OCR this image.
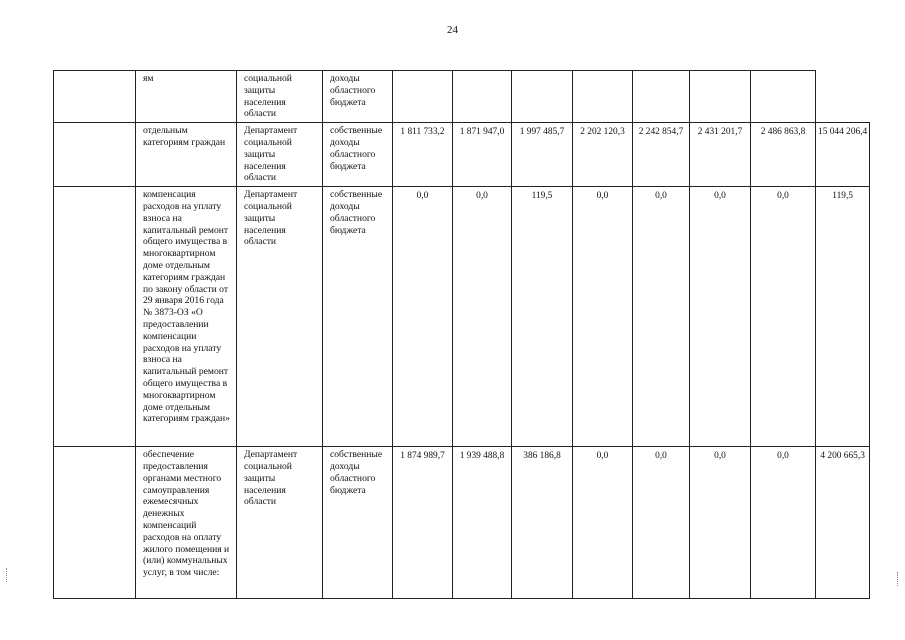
24
	ям	социальной защиты населения области	доходы областного бюджета								
	отдельным категориям граждан	Департамент социальной защиты населения области	собственные доходы областного бюджета	1 811 733,2	1 871 947,0	1 997 485,7	2 202 120,3	2 242 854,7	2 431 201,7	2 486 863,8	15 044 206,4
	компенсация расходов на уплату взноса на капитальный ремонт общего имущества в многоквартирном доме отдельным категориям граждан по закону области от 29 января 2016 года № 3873-ОЗ «О предоставлении компенсации расходов на уплату взноса на капитальный ремонт общего имущества в многоквартирном доме отдельным категориям граждан»	Департамент социальной защиты населения области	собственные доходы областного бюджета	0,0	0,0	119,5	0,0	0,0	0,0	0,0	119,5
	обеспечение предоставления органами местного самоуправления ежемесячных денежных компенсаций расходов на оплату жилого помещения и (или) коммунальных услуг, в том числе:	Департамент социальной защиты населения области	собственные доходы областного бюджета	1 874 989,7	1 939 488,8	386 186,8	0,0	0,0	0,0	0,0	4 200 665,3
